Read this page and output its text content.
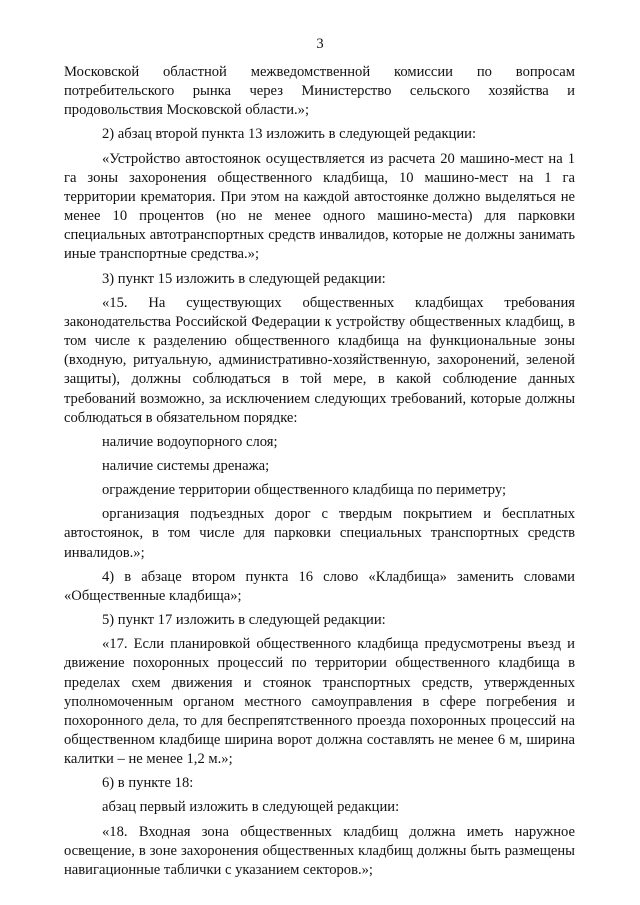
3

Московской областной межведомственной комиссии по вопросам потребительского рынка через Министерство сельского хозяйства и продовольствия Московской области.»;

2) абзац второй пункта 13 изложить в следующей редакции:

«Устройство автостоянок осуществляется из расчета 20 машино-мест на 1 га зоны захоронения общественного кладбища, 10 машино-мест на 1 га территории крематория. При этом на каждой автостоянке должно выделяться не менее 10 процентов (но не менее одного машино-места) для парковки специальных автотранспортных средств инвалидов, которые не должны занимать иные транспортные средства.»;

3) пункт 15 изложить в следующей редакции:

«15. На существующих общественных кладбищах требования законодательства Российской Федерации к устройству общественных кладбищ, в том числе к разделению общественного кладбища на функциональные зоны (входную, ритуальную, административно-хозяйственную, захоронений, зеленой защиты), должны соблюдаться в той мере, в какой соблюдение данных требований возможно, за исключением следующих требований, которые должны соблюдаться в обязательном порядке:

наличие водоупорного слоя;

наличие системы дренажа;

ограждение территории общественного кладбища по периметру;

организация подъездных дорог с твердым покрытием и бесплатных автостоянок, в том числе для парковки специальных транспортных средств инвалидов.»;

4) в абзаце втором пункта 16 слово «Кладбища» заменить словами «Общественные кладбища»;

5) пункт 17 изложить в следующей редакции:

«17. Если планировкой общественного кладбища предусмотрены въезд и движение похоронных процессий по территории общественного кладбища в пределах схем движения и стоянок транспортных средств, утвержденных уполномоченным органом местного самоуправления в сфере погребения и похоронного дела, то для беспрепятственного проезда похоронных процессий на общественном кладбище ширина ворот должна составлять не менее 6 м, ширина калитки – не менее 1,2 м.»;

6) в пункте 18:

абзац первый изложить в следующей редакции:

«18. Входная зона общественных кладбищ должна иметь наружное освещение, в зоне захоронения общественных кладбищ должны быть размещены навигационные таблички с указанием секторов.»;
